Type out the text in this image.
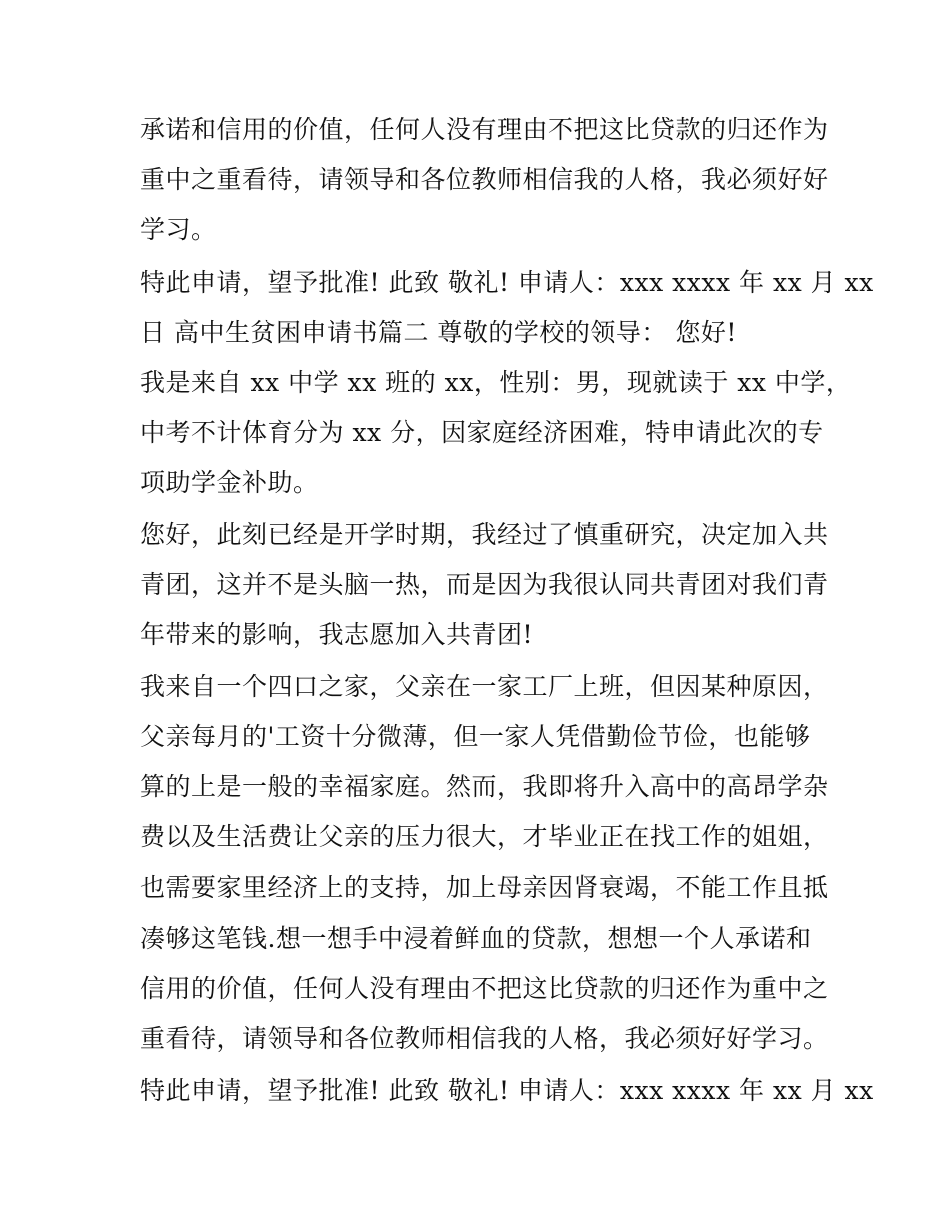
承诺和信用的价值，任何人没有理由不把这比贷款的归还作为
重中之重看待，请领导和各位教师相信我的人格，我必须好好
学习。
特此申请，望予批准! 此致 敬礼! 申请人：xxx xxxx 年 xx 月 xx
日 高中生贫困申请书篇二 尊敬的学校的领导： 您好!
我是来自 xx 中学 xx 班的 xx，性别：男，现就读于 xx 中学，
中考不计体育分为 xx 分，因家庭经济困难，特申请此次的专
项助学金补助。
您好，此刻已经是开学时期，我经过了慎重研究，决定加入共
青团，这并不是头脑一热，而是因为我很认同共青团对我们青
年带来的影响，我志愿加入共青团!
我来自一个四口之家，父亲在一家工厂上班，但因某种原因，
父亲每月的'工资十分微薄，但一家人凭借勤俭节俭，也能够
算的上是一般的幸福家庭。然而，我即将升入高中的高昂学杂
费以及生活费让父亲的压力很大，才毕业正在找工作的姐姐，
也需要家里经济上的支持，加上母亲因肾衰竭，不能工作且抵
凑够这笔钱.想一想手中浸着鲜血的贷款，想想一个人承诺和
信用的价值，任何人没有理由不把这比贷款的归还作为重中之
重看待，请领导和各位教师相信我的人格，我必须好好学习。
特此申请，望予批准! 此致 敬礼! 申请人：xxx xxxx 年 xx 月 xx
